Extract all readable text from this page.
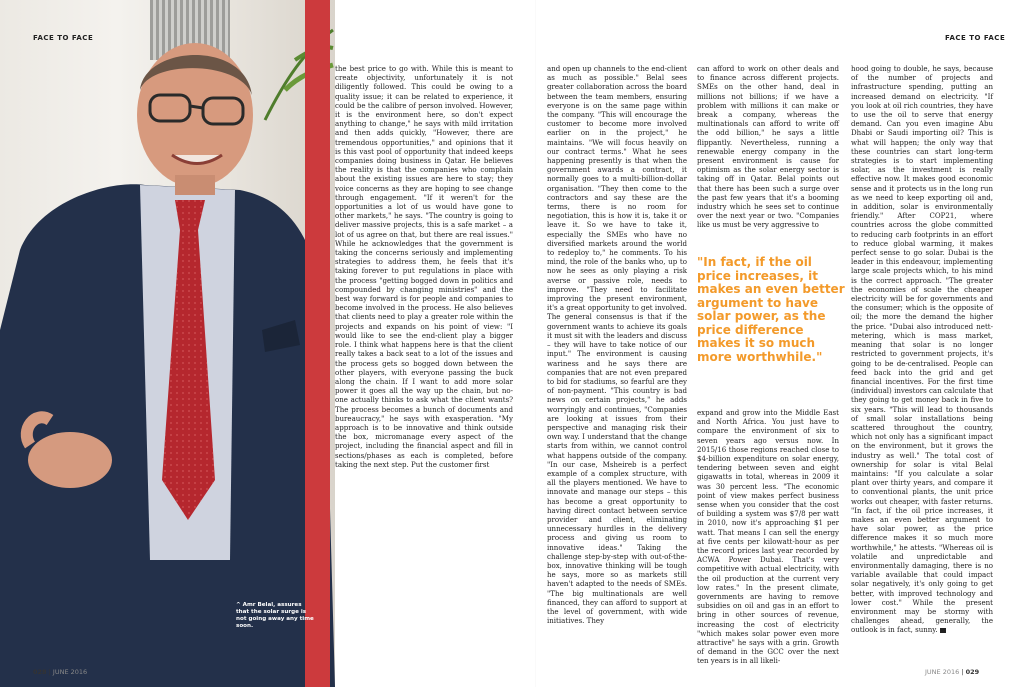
FACE TO FACE	FACE TO FACE
^ Amr Belal, assures that the solar surge is not going away any time soon.

the best price to go with. While this is meant to create objectivity, unfortunately it is not diligently followed. This could be owing to a quality issue; it can be related to experience, it could be the calibre of person involved. However, it is the environment here, so don't expect anything to change," he says with mild irritation and then adds quickly, "However, there are tremendous opportunities," and opinions that it is this vast pool of opportunity that indeed keeps companies doing business in Qatar. He believes the reality is that the companies who complain about the existing issues are here to stay; they voice concerns as they are hoping to see change through engagement. "If it weren't for the opportunities a lot of us would have gone to other markets," he says. "The country is going to deliver massive projects, this is a safe market – a lot of us agree on that, but there are real issues." While he acknowledges that the government is taking the concerns seriously and implementing strategies to address them, he feels that it's taking forever to put regulations in place with the process "getting bogged down in politics and compounded by changing ministries" and the best way forward is for people and companies to become involved in the process. He also believes that clients need to play a greater role within the projects and expands on his point of view: "I would like to see the end-client play a bigger role. I think what happens here is that the client really takes a back seat to a lot of the issues and the process gets so bogged down between the other players, with everyone passing the buck along the chain. If I want to add more solar power it goes all the way up the chain, but no-one actually thinks to ask what the client wants? The process becomes a bunch of documents and bureaucracy," he says with exasperation. "My approach is to be innovative and think outside the box, micromanage every aspect of the project, including the financial aspect and fill in sections/phases as each is completed, before taking the next step. Put the customer first

and open up channels to the end-client as much as possible." Belal sees greater collaboration across the board between the team members, ensuring everyone is on the same page within the company. "This will encourage the customer to become more involved earlier on in the project," he maintains. "We will focus heavily on our contract terms." What he sees happening presently is that when the government awards a contract, it normally goes to a multi-billion-dollar organisation. "They then come to the contractors and say these are the terms, there is no room for negotiation, this is how it is, take it or leave it. So we have to take it, especially the SMEs who have no diversified markets around the world to redeploy to," he comments. To his mind, the role of the banks who, up to now he sees as only playing a risk averse or passive role, needs to improve. "They need to facilitate improving the present environment, it's a great opportunity to get involved. The general consensus is that if the government wants to achieve its goals it must sit with the leaders and discuss – they will have to take notice of our input." The environment is causing wariness and he says there are companies that are not even prepared to bid for stadiums, so fearful are they of non-payment. "This country is bad news on certain projects," he adds worryingly and continues, "Companies are looking at issues from their perspective and managing risk their own way. I understand that the change starts from within, we cannot control what happens outside of the company. "In our case, Msheireb is a perfect example of a complex structure, with all the players mentioned. We have to innovate and manage our steps – this has become a great opportunity to having direct contact between service provider and client, eliminating unnecessary hurdles in the delivery process and giving us room to innovative ideas." Taking the challenge step-by-step with out-of-the-box, innovative thinking will be tough he says, more so as markets still haven't adapted to the needs of SMEs. "The big multinationals are well financed, they can afford to support at the level of government, with wide initiatives. They

can afford to work on other deals and to finance across different projects. SMEs on the other hand, deal in millions not billions; if we have a problem with millions it can make or break a company, whereas the multinationals can afford to write off the odd billion," he says a little flippantly. Nevertheless, running a renewable energy company in the present environment is cause for optimism as the solar energy sector is taking off in Qatar. Belal points out that there has been such a surge over the past few years that it's a booming industry which he sees set to continue over the next year or two. "Companies like us must be very aggressive to

"In fact, if the oil price increases, it makes an even better argument to have solar power, as the price difference makes it so much more worthwhile."

expand and grow into the Middle East and North Africa. You just have to compare the environment of six to seven years ago versus now. In 2015/16 those regions reached close to $4-billion expenditure on solar energy, tendering between seven and eight gigawatts in total, whereas in 2009 it was 30 percent less. "The economic point of view makes perfect business sense when you consider that the cost of building a system was $7/8 per watt in 2010, now it's approaching $1 per watt. That means I can sell the energy at five cents per kilowatt-hour as per the record prices last year recorded by ACWA Power Dubai. That's very competitive with actual electricity, with the oil production at the current very low rates." In the present climate, governments are having to remove subsidies on oil and gas in an effort to bring in other sources of revenue, increasing the cost of electricity "which makes solar power even more attractive" he says with a grin. Growth of demand in the GCC over the next ten years is in all likeli-

hood going to double, he says, because of the number of projects and infrastructure spending, putting an increased demand on electricity. "If you look at oil rich countries, they have to use the oil to serve that energy demand. Can you even imagine Abu Dhabi or Saudi importing oil? This is what will happen; the only way that these countries can start long-term strategies is to start implementing solar, as the investment is really effective now. It makes good economic sense and it protects us in the long run as we need to keep exporting oil and, in addition, solar is environmentally friendly." After COP21, where countries across the globe committed to reducing carb footprints in an effort to reduce global warming, it makes perfect sense to go solar. Dubai is the leader in this endeavour, implementing large scale projects which, to his mind is the correct approach. "The greater the economies of scale the cheaper electricity will be for governments and the consumer; which is the opposite of oil; the more the demand the higher the price. "Dubai also introduced nett-metering, which is mass market, meaning that solar is no longer restricted to government projects, it's going to be de-centralised. People can feed back into the grid and get financial incentives. For the first time (individual) investors can calculate that they going to get money back in five to six years. "This will lead to thousands of small solar installations being scattered throughout the country, which not only has a significant impact on the environment, but it grows the industry as well." The total cost of ownership for solar is vital Belal maintains: "If you calculate a solar plant over thirty years, and compare it to conventional plants, the unit price works out cheaper, with faster returns. "In fact, if the oil price increases, it makes an even better argument to have solar power, as the price difference makes it so much more worthwhile," he attests. "Whereas oil is volatile and unpredictable and environmentally damaging, there is no variable available that could impact solar negatively, it's only going to get better, with improved technology and lower cost." While the present environment may be stormy with challenges ahead, generally, the outlook is in fact, sunny.

028 | JUNE 2016	JUNE 2016 | 029
